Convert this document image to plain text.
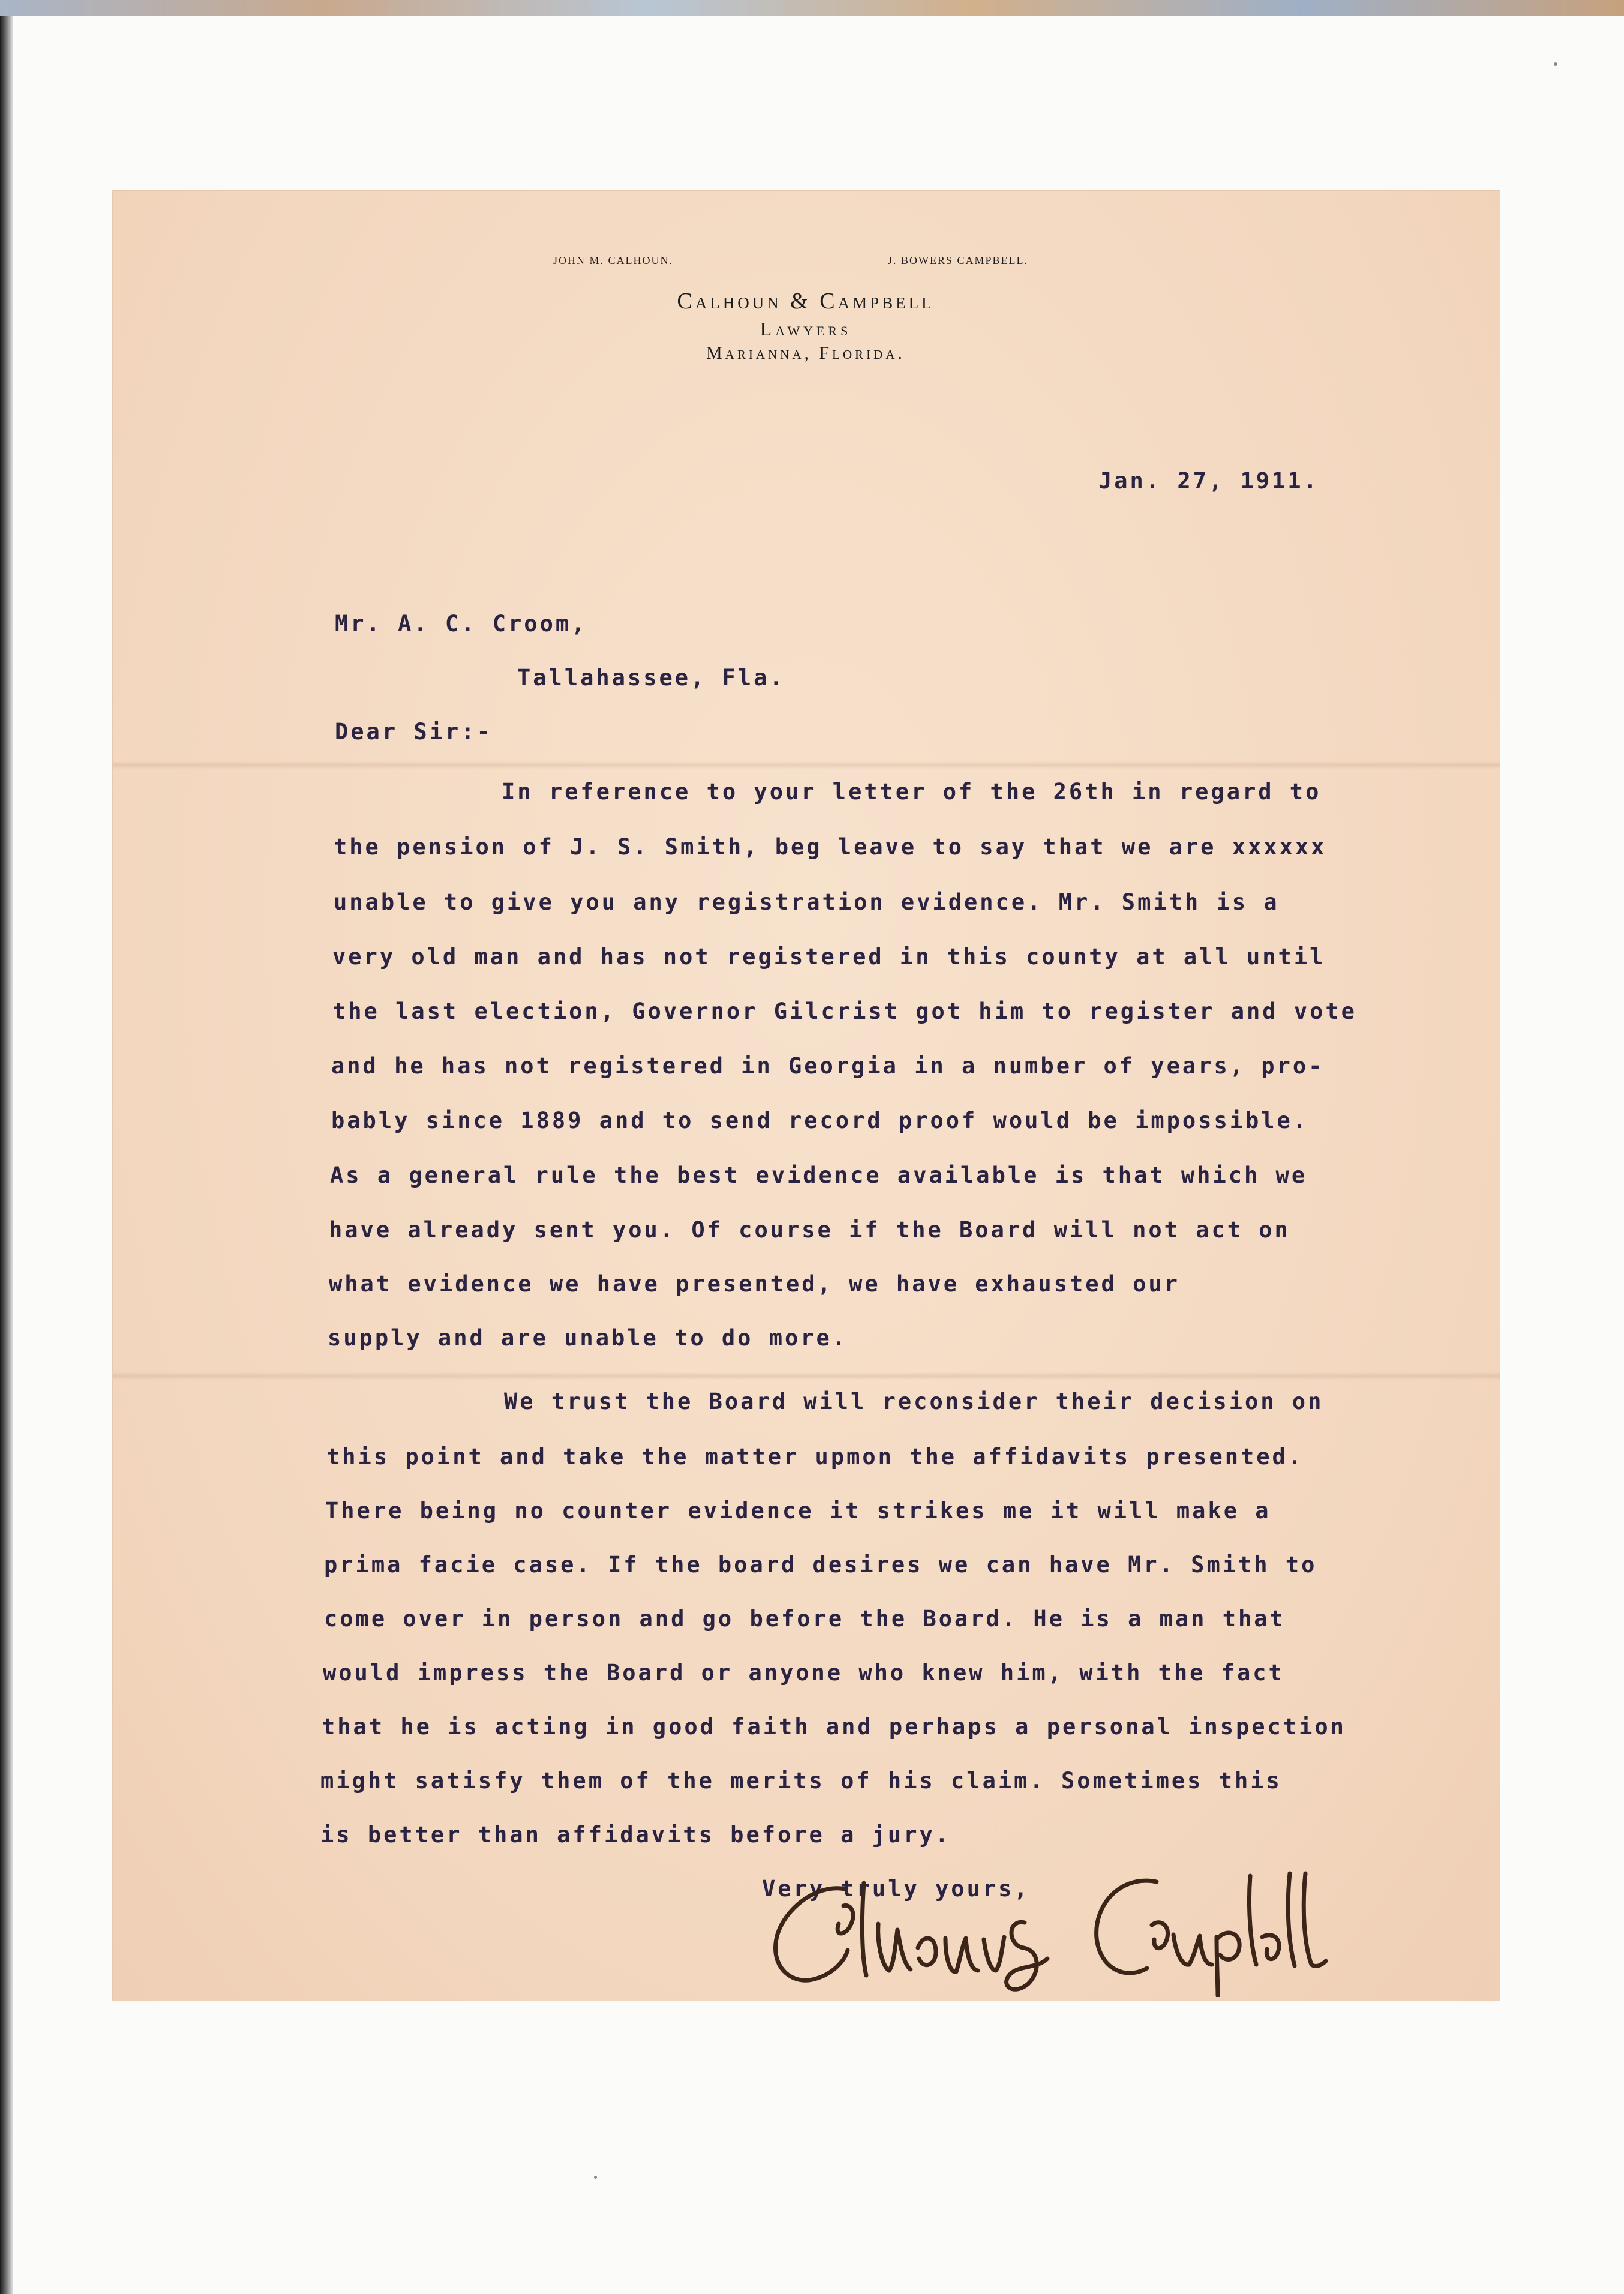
JOHN M. CALHOUN.	J. BOWERS CAMPBELL.
Calhoun & Campbell
Lawyers
Marianna, Florida.
Jan. 27, 1911.
Mr. A. C. Croom,
Tallahassee, Fla.
Dear Sir:-
In reference to your letter of the 26th in regard to
the pension of J. S. Smith, beg leave to say that we are xxxxxx
unable to give you any registration evidence. Mr. Smith is a
very old man and has not registered in this county at all until
the last election, Governor Gilcrist got him to register and vote
and he has not registered in Georgia in a number of years, pro-
bably since 1889 and to send record proof would be impossible.
As a general rule the best evidence available is that which we
have already sent you. Of course if the Board will not act on
what evidence we have presented, we have exhausted our
supply and are unable to do more.
We trust the Board will reconsider their decision on
this point and take the matter upmon the affidavits presented.
There being no counter evidence it strikes me it will make a
prima facie case. If the board desires we can have Mr. Smith to
come over in person and go before the Board. He is a man that
would impress the Board or anyone who knew him, with the fact
that he is acting in good faith and perhaps a personal inspection
might satisfy them of the merits of his claim. Sometimes this
is better than affidavits before a jury.
Very truly yours,
